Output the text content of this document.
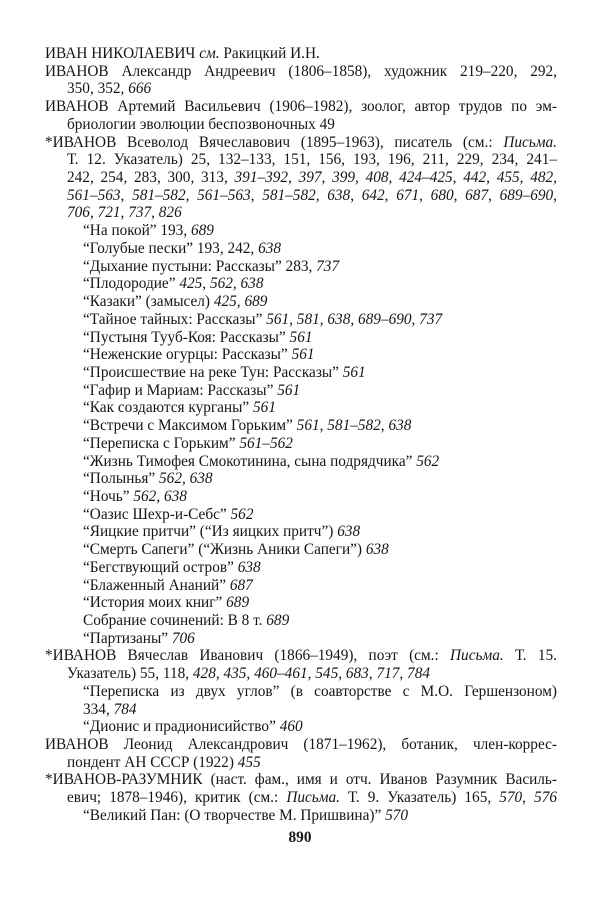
ИВАН НИКОЛАЕВИЧ см. Ракицкий И.Н.
ИВАНОВ Александр Андреевич (1806–1858), художник 219–220, 292,
350, 352, 666
ИВАНОВ Артемий Васильевич (1906–1982), зоолог, автор трудов по эм-
бриологии эволюции беспозвоночных 49
*ИВАНОВ Всеволод Вячеславович (1895–1963), писатель (см.: Письма.
Т. 12. Указатель) 25, 132–133, 151, 156, 193, 196, 211, 229, 234, 241–
242, 254, 283, 300, 313, 391–392, 397, 399, 408, 424–425, 442, 455, 482,
561–563, 581–582, 561–563, 581–582, 638, 642, 671, 680, 687, 689–690,
706, 721, 737, 826
“На покой” 193, 689
“Голубые пески” 193, 242, 638
“Дыхание пустыни: Рассказы” 283, 737
“Плодородие” 425, 562, 638
“Казаки” (замысел) 425, 689
“Тайное тайных: Рассказы” 561, 581, 638, 689–690, 737
“Пустыня Тууб-Коя: Рассказы” 561
“Неженские огурцы: Рассказы” 561
“Происшествие на реке Тун: Рассказы” 561
“Гафир и Мариам: Рассказы” 561
“Как создаются курганы” 561
“Встречи с Максимом Горьким” 561, 581–582, 638
“Переписка с Горьким” 561–562
“Жизнь Тимофея Смокотинина, сына подрядчика” 562
“Полынья” 562, 638
“Ночь” 562, 638
“Оазис Шехр-и-Себс” 562
“Яицкие притчи” (“Из яицких притч”) 638
“Смерть Сапеги” (“Жизнь Аники Сапеги”) 638
“Бегствующий остров” 638
“Блаженный Ананий” 687
“История моих книг” 689
Собрание сочинений: В 8 т. 689
“Партизаны” 706
*ИВАНОВ Вячеслав Иванович (1866–1949), поэт (см.: Письма. Т. 15.
Указатель) 55, 118, 428, 435, 460–461, 545, 683, 717, 784
“Переписка из двух углов” (в соавторстве с М.О. Гершензоном)
334, 784
“Дионис и прадионисийство” 460
ИВАНОВ Леонид Александрович (1871–1962), ботаник, член-коррес-
пондент АН СССР (1922) 455
*ИВАНОВ-РАЗУМНИК (наст. фам., имя и отч. Иванов Разумник Василь-
евич; 1878–1946), критик (см.: Письма. Т. 9. Указатель) 165, 570, 576
“Великий Пан: (О творчестве М. Пришвина)” 570
890
